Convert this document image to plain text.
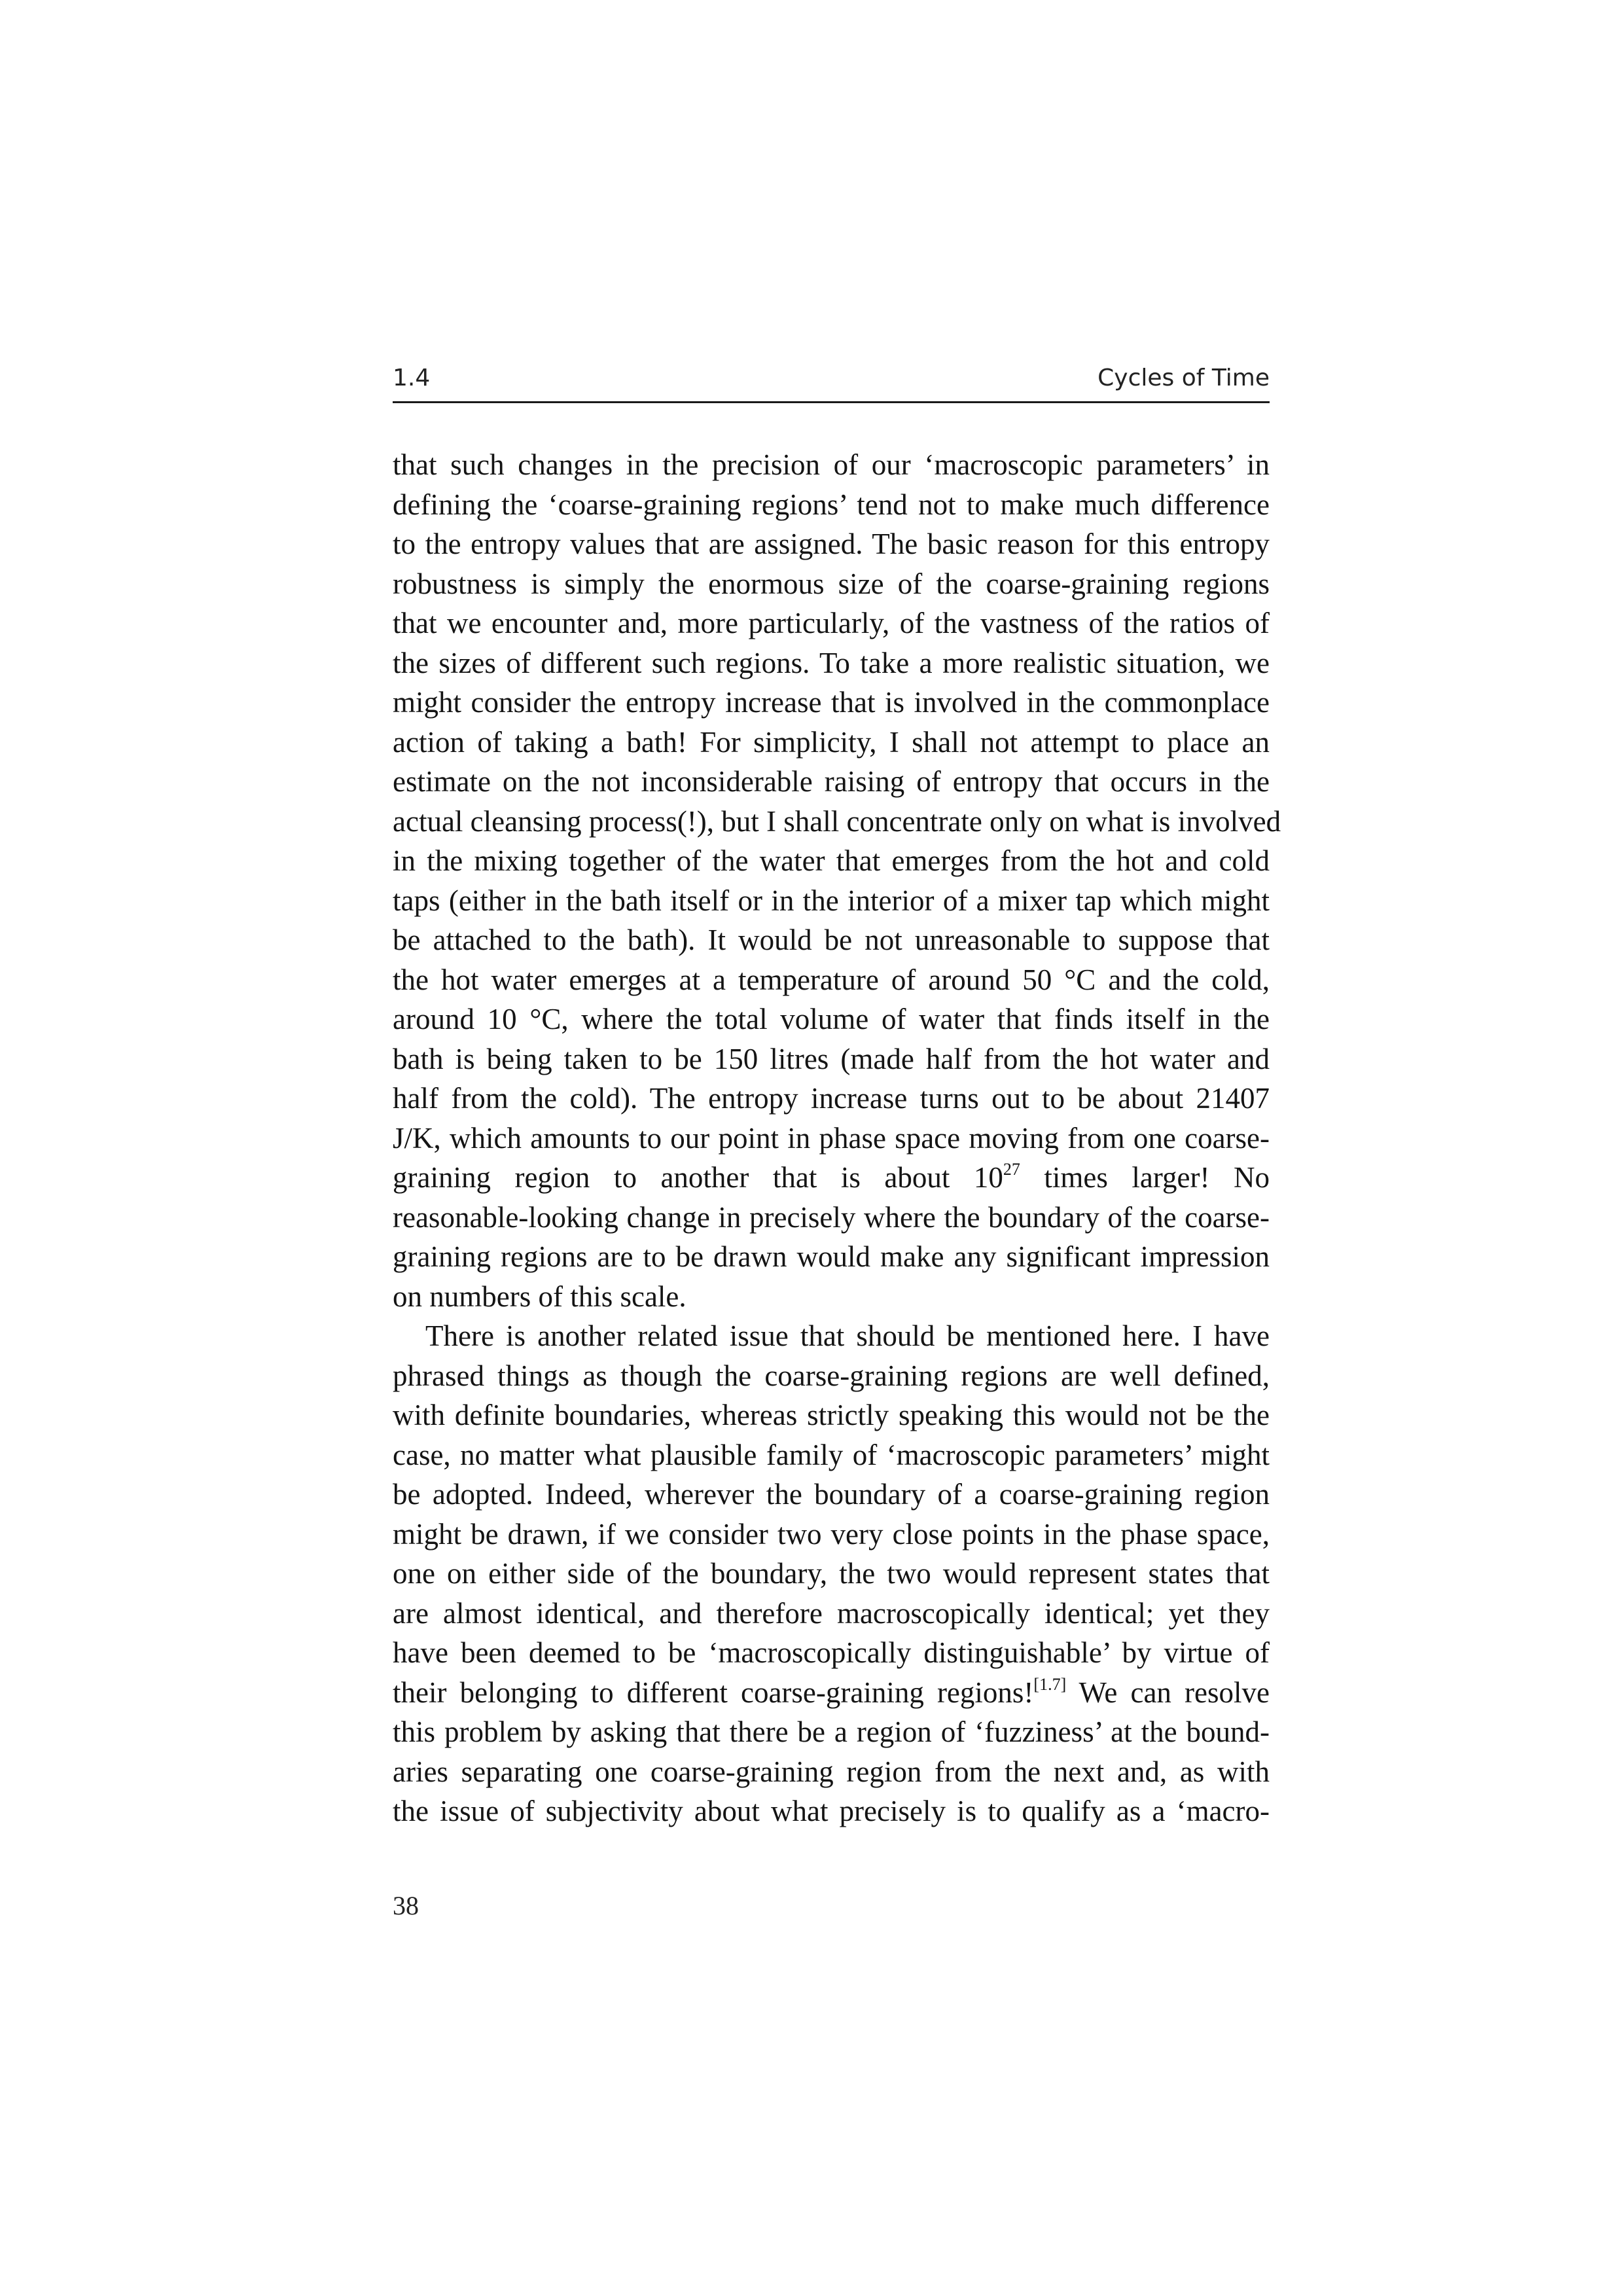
1.4	Cycles of Time
that such changes in the precision of our ‘macroscopic parameters’ in
defining the ‘coarse-graining regions’ tend not to make much difference
to the entropy values that are assigned. The basic reason for this entropy
robustness is simply the enormous size of the coarse-graining regions
that we encounter and, more particularly, of the vastness of the ratios of
the sizes of different such regions. To take a more realistic situation, we
might consider the entropy increase that is involved in the commonplace
action of taking a bath! For simplicity, I shall not attempt to place an
estimate on the not inconsiderable raising of entropy that occurs in the
actual cleansing process(!), but I shall concentrate only on what is involved
in the mixing together of the water that emerges from the hot and cold
taps (either in the bath itself or in the interior of a mixer tap which might
be attached to the bath). It would be not unreasonable to suppose that
the hot water emerges at a temperature of around 50 °C and the cold,
around 10 °C, where the total volume of water that finds itself in the
bath is being taken to be 150 litres (made half from the hot water and
half from the cold). The entropy increase turns out to be about 21407
J/K, which amounts to our point in phase space moving from one coarse-
graining region to another that is about $10^{27}$ times larger! No
reasonable-looking change in precisely where the boundary of the coarse-
graining regions are to be drawn would make any significant impression
on numbers of this scale.
There is another related issue that should be mentioned here. I have
phrased things as though the coarse-graining regions are well defined,
with definite boundaries, whereas strictly speaking this would not be the
case, no matter what plausible family of ‘macroscopic parameters’ might
be adopted. Indeed, wherever the boundary of a coarse-graining region
might be drawn, if we consider two very close points in the phase space,
one on either side of the boundary, the two would represent states that
are almost identical, and therefore macroscopically identical; yet they
have been deemed to be ‘macroscopically distinguishable’ by virtue of
their belonging to different coarse-graining regions![1.7] We can resolve
this problem by asking that there be a region of ‘fuzziness’ at the bound-
aries separating one coarse-graining region from the next and, as with
the issue of subjectivity about what precisely is to qualify as a ‘macro-
38
